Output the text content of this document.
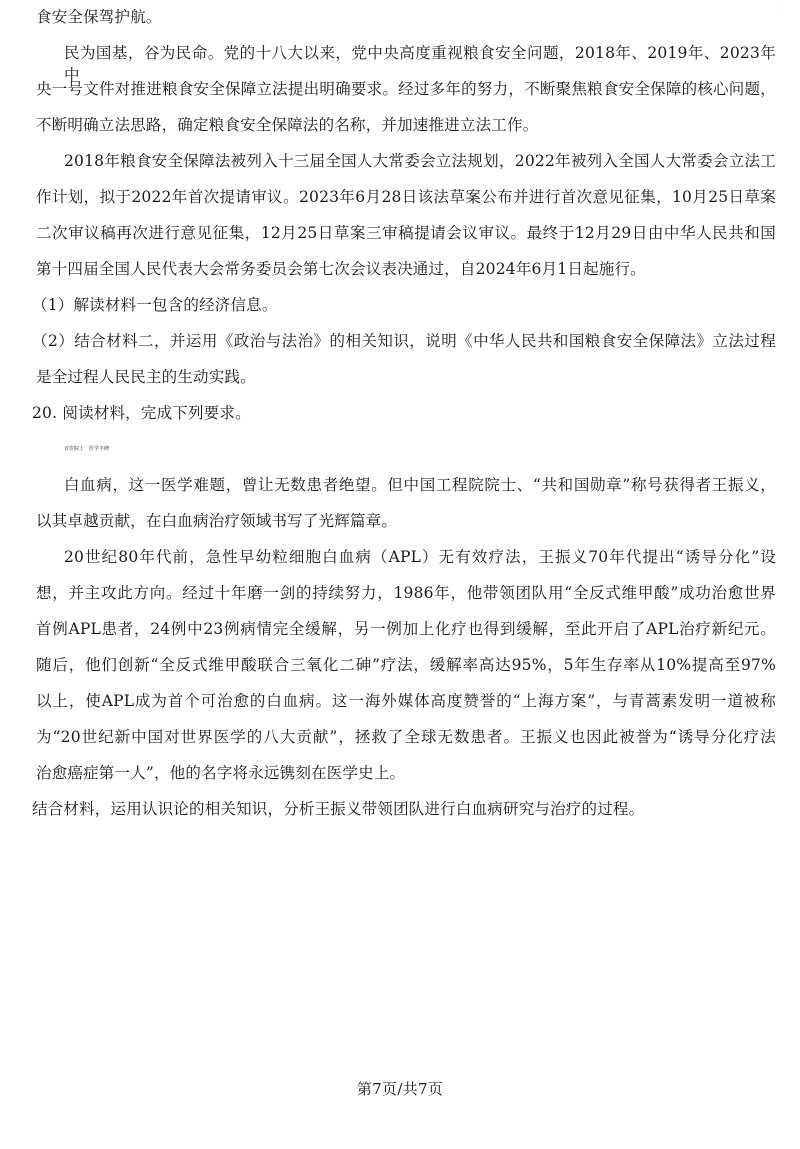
·
食安全保驾护航。
民为国基，谷为民命。党的十八大以来，党中央高度重视粮食安全问题，2018年、2019年、2023年中
央一号文件对推进粮食安全保障立法提出明确要求。经过多年的努力，不断聚焦粮食安全保障的核心问题，
不断明确立法思路，确定粮食安全保障法的名称，并加速推进立法工作。
2018年粮食安全保障法被列入十三届全国人大常委会立法规划，2022年被列入全国人大常委会立法工
作计划，拟于2022年首次提请审议。2023年6月28日该法草案公布并进行首次意见征集，10月25日草案
二次审议稿再次进行意见征集，12月25日草案三审稿提请会议审议。最终于12月29日由中华人民共和国
第十四届全国人民代表大会常务委员会第七次会议表决通过，自2024年6月1日起施行。
（1）解读材料一包含的经济信息。
（2）结合材料二，并运用《政治与法治》的相关知识，说明《中华人民共和国粮食安全保障法》立法过程
是全过程人民民主的生动实践。
20. 阅读材料，完成下列要求。
百岁院士　医学丰碑
白血病，这一医学难题，曾让无数患者绝望。但中国工程院院士、“共和国勋章”称号获得者王振义，
以其卓越贡献，在白血病治疗领域书写了光辉篇章。
20世纪80年代前，急性早幼粒细胞白血病（APL）无有效疗法，王振义70年代提出“诱导分化”设
想，并主攻此方向。经过十年磨一剑的持续努力，1986年，他带领团队用“全反式维甲酸”成功治愈世界
首例APL患者，24例中23例病情完全缓解，另一例加上化疗也得到缓解，至此开启了APL治疗新纪元。
随后，他们创新“全反式维甲酸联合三氧化二砷”疗法，缓解率高达95%，5年生存率从10%提高至97%
以上，使APL成为首个可治愈的白血病。这一海外媒体高度赞誉的“上海方案”，与青蒿素发明一道被称
为“20世纪新中国对世界医学的八大贡献”，拯救了全球无数患者。王振义也因此被誉为“诱导分化疗法
治愈癌症第一人”，他的名字将永远镌刻在医学史上。
结合材料，运用认识论的相关知识，分析王振义带领团队进行白血病研究与治疗的过程。
第7页/共7页
